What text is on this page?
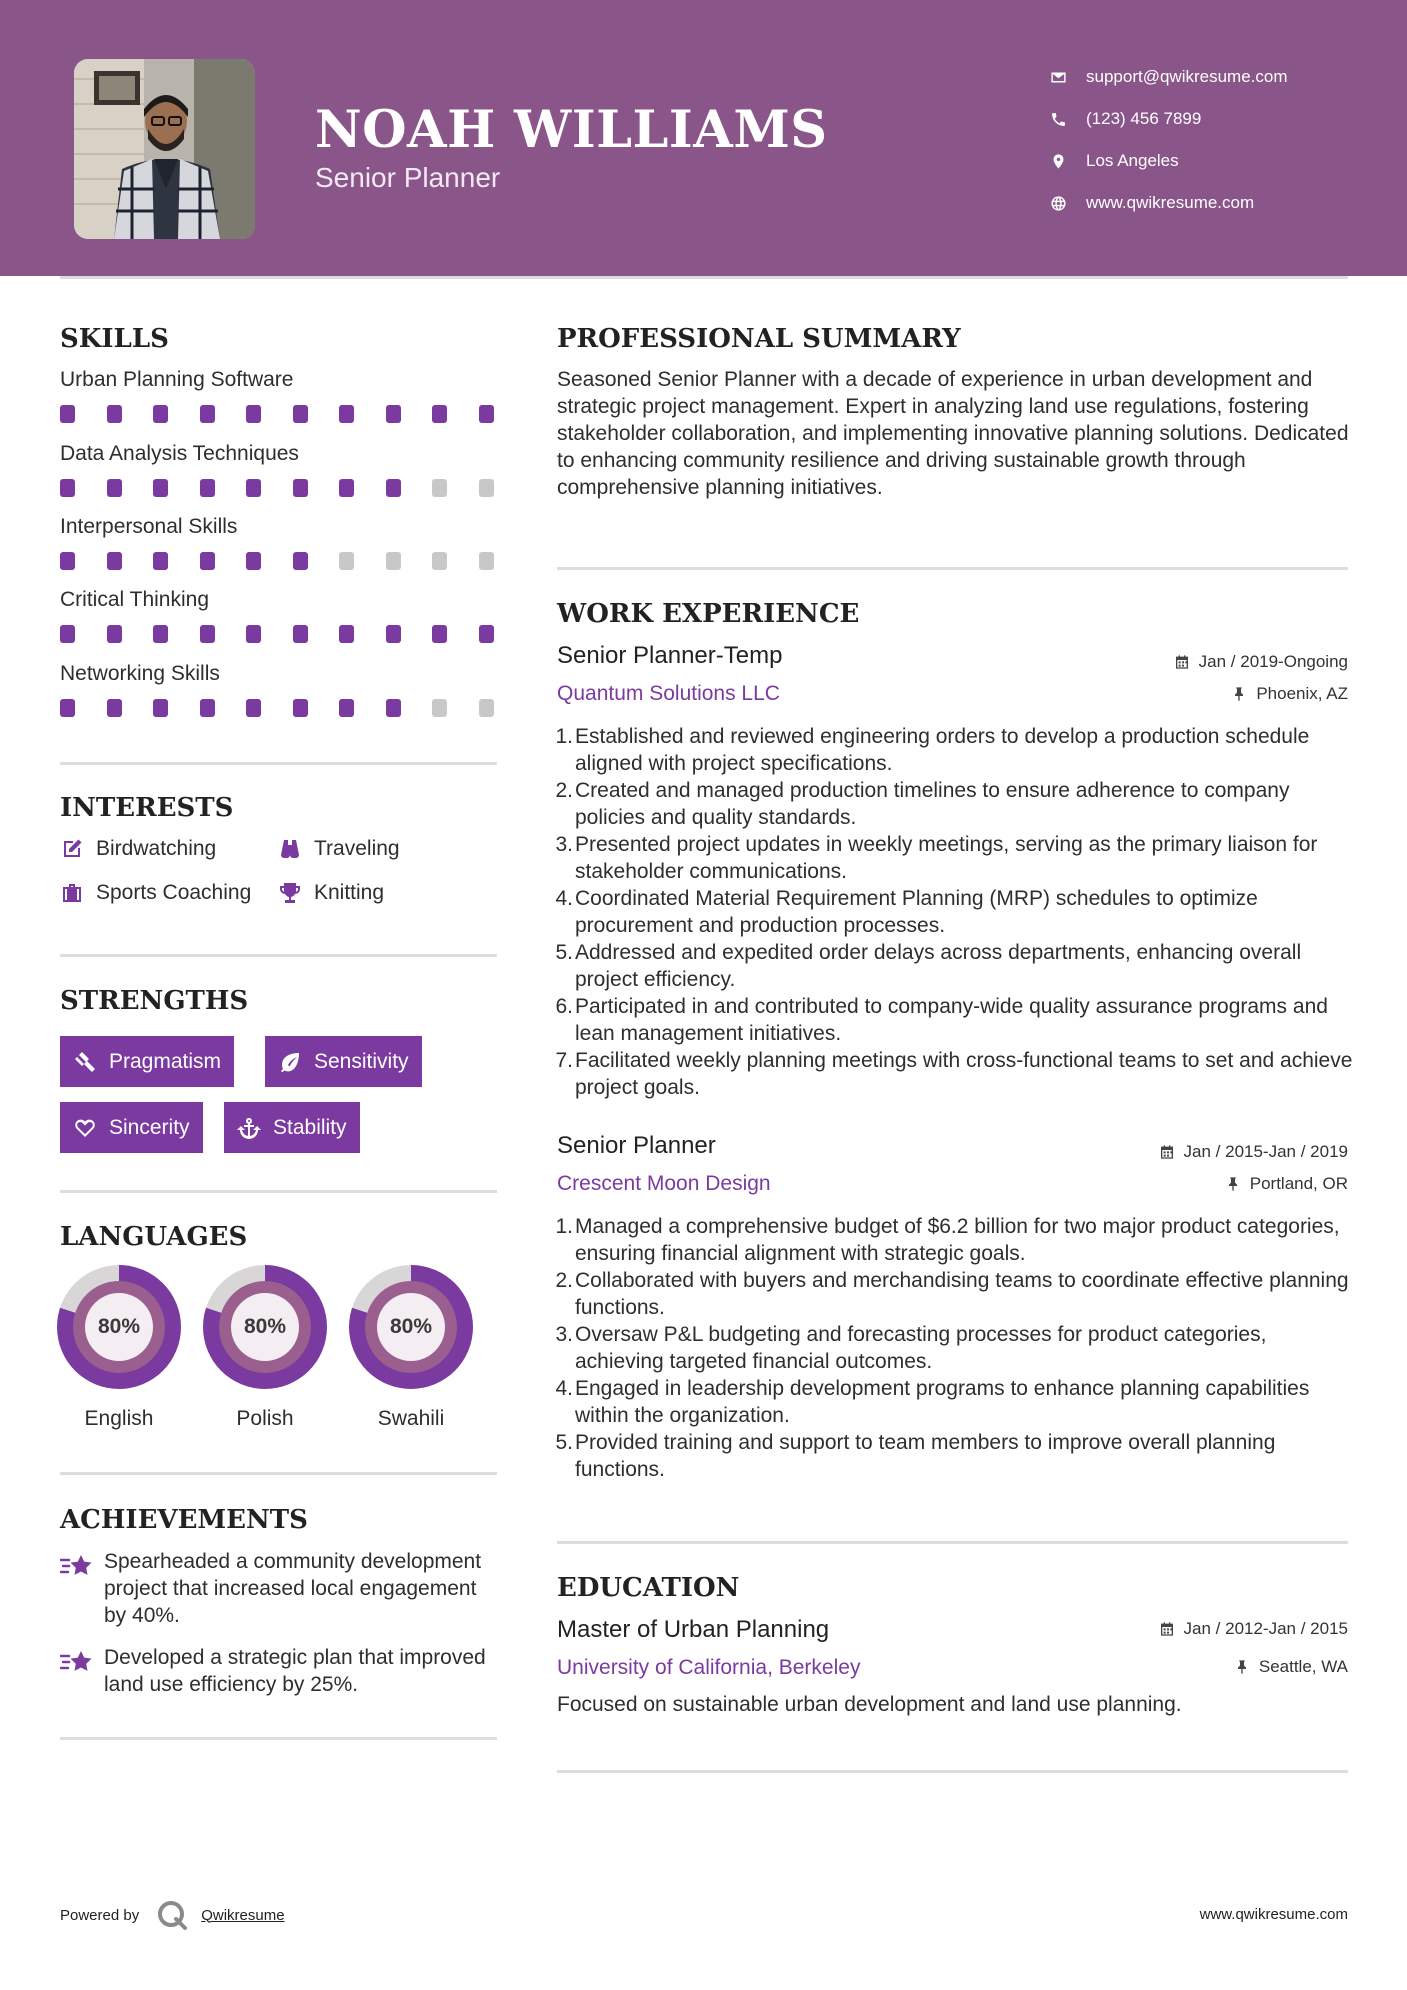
NOAH WILLIAMS
Senior Planner
support@qwikresume.com
(123) 456 7899
Los Angeles
www.qwikresume.com
SKILLS
Urban Planning Software
Data Analysis Techniques
Interpersonal Skills
Critical Thinking
Networking Skills
INTERESTS
Birdwatching	Traveling
Sports Coaching	Knitting
STRENGTHS
Pragmatism	Sensitivity
Sincerity	Stability
LANGUAGES
80%
English
80%
Polish
80%
Swahili
ACHIEVEMENTS
Spearheaded a community development project that increased local engagement by 40%.
Developed a strategic plan that improved land use efficiency by 25%.
PROFESSIONAL SUMMARY
Seasoned Senior Planner with a decade of experience in urban development and strategic project management. Expert in analyzing land use regulations, fostering stakeholder collaboration, and implementing innovative planning solutions. Dedicated to enhancing community resilience and driving sustainable growth through comprehensive planning initiatives.
WORK EXPERIENCE
Senior Planner-Temp	Jan / 2019-Ongoing
Quantum Solutions LLC	Phoenix, AZ
1. Established and reviewed engineering orders to develop a production schedule aligned with project specifications.
2. Created and managed production timelines to ensure adherence to company policies and quality standards.
3. Presented project updates in weekly meetings, serving as the primary liaison for stakeholder communications.
4. Coordinated Material Requirement Planning (MRP) schedules to optimize procurement and production processes.
5. Addressed and expedited order delays across departments, enhancing overall project efficiency.
6. Participated in and contributed to company-wide quality assurance programs and lean management initiatives.
7. Facilitated weekly planning meetings with cross-functional teams to set and achieve project goals.
Senior Planner	Jan / 2015-Jan / 2019
Crescent Moon Design	Portland, OR
1. Managed a comprehensive budget of $6.2 billion for two major product categories, ensuring financial alignment with strategic goals.
2. Collaborated with buyers and merchandising teams to coordinate effective planning functions.
3. Oversaw P&L budgeting and forecasting processes for product categories, achieving targeted financial outcomes.
4. Engaged in leadership development programs to enhance planning capabilities within the organization.
5. Provided training and support to team members to improve overall planning functions.
EDUCATION
Master of Urban Planning	Jan / 2012-Jan / 2015
University of California, Berkeley	Seattle, WA
Focused on sustainable urban development and land use planning.
Powered by	Qwikresume	www.qwikresume.com
